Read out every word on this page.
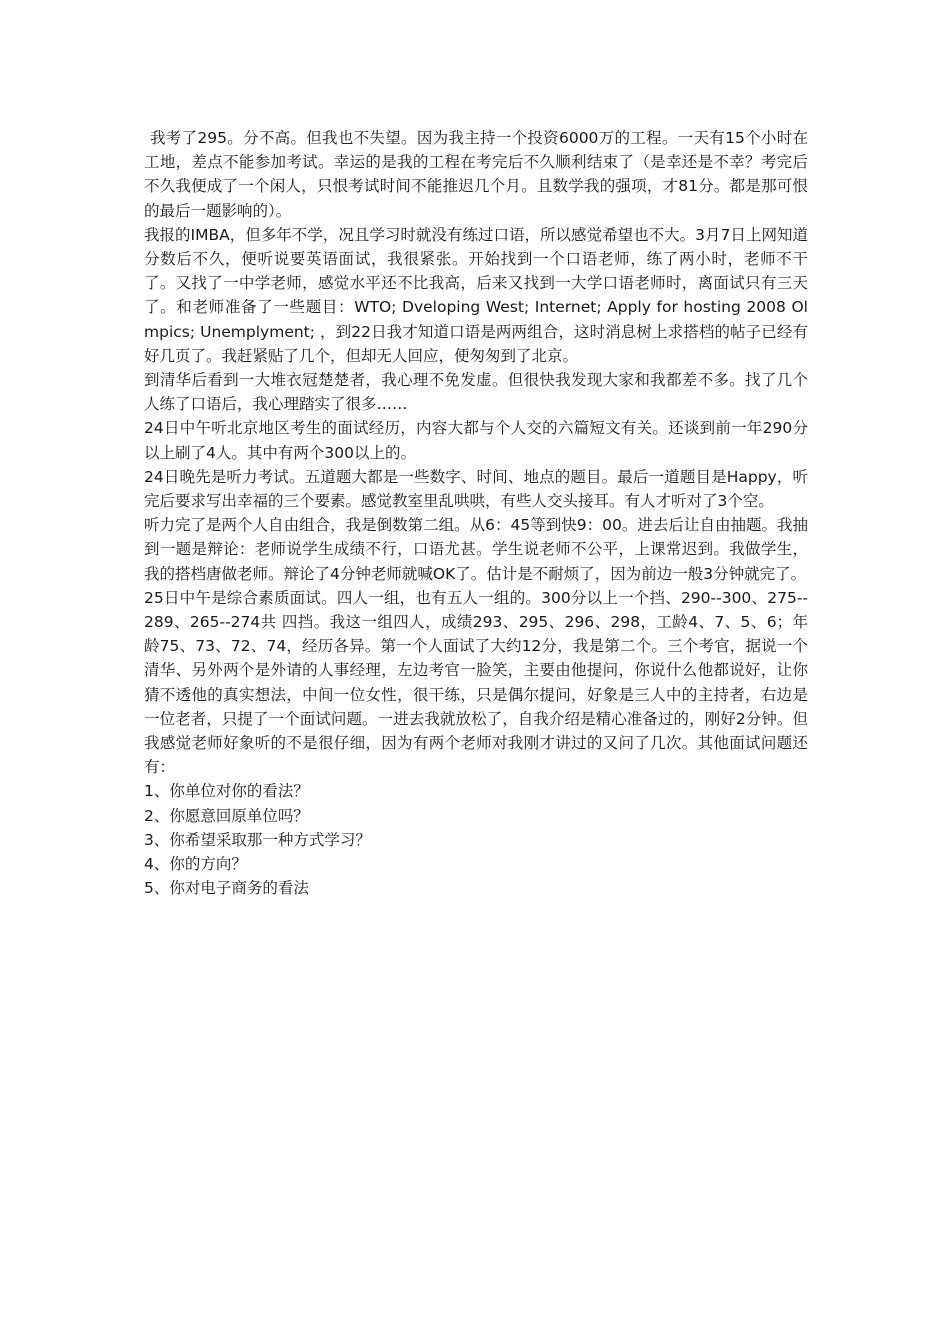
我考了295。分不高。但我也不失望。因为我主持一个投资6000万的工程。一天有15个小时在工地，差点不能参加考试。幸运的是我的工程在考完后不久顺利结束了（是幸还是不幸？考完后不久我便成了一个闲人，只恨考试时间不能推迟几个月。且数学我的强项，才81分。都是那可恨的最后一题影响的）。

我报的IMBA，但多年不学，况且学习时就没有练过口语，所以感觉希望也不大。3月7日上网知道分数后不久，便听说要英语面试，我很紧张。开始找到一个口语老师，练了两小时，老师不干了。又找了一中学老师，感觉水平还不比我高，后来又找到一大学口语老师时，离面试只有三天了。和老师准备了一些题目：WTO; Dveloping West; Internet; Apply for hosting 2008 Olmpics; Unemplyment; ，到22日我才知道口语是两两组合，这时消息树上求搭档的帖子已经有好几页了。我赶紧贴了几个，但却无人回应，便匆匆到了北京。

到清华后看到一大堆衣冠楚楚者，我心理不免发虚。但很快我发现大家和我都差不多。找了几个人练了口语后，我心理踏实了很多……

24日中午听北京地区考生的面试经历，内容大都与个人交的六篇短文有关。还谈到前一年290分以上刷了4人。其中有两个300以上的。

24日晚先是听力考试。五道题大都是一些数字、时间、地点的题目。最后一道题目是Happy，听完后要求写出幸福的三个要素。感觉教室里乱哄哄，有些人交头接耳。有人才听对了3个空。

听力完了是两个人自由组合，我是倒数第二组。从6：45等到快9：00。进去后让自由抽题。我抽到一题是辩论：老师说学生成绩不行，口语尤甚。学生说老师不公平，上课常迟到。我做学生，我的搭档唐做老师。辩论了4分钟老师就喊OK了。估计是不耐烦了，因为前边一般3分钟就完了。

25日中午是综合素质面试。四人一组，也有五人一组的。300分以上一个挡、290--300、275--289、265--274共 四挡。我这一组四人，成绩293、295、296、298，工龄4、7、5、6；年龄75、73、72、74，经历各异。第一个人面试了大约12分，我是第二个。三个考官，据说一个清华、另外两个是外请的人事经理，左边考官一脸笑，主要由他提问，你说什么他都说好，让你猜不透他的真实想法，中间一位女性，很干练，只是偶尔提问，好象是三人中的主持者，右边是一位老者，只提了一个面试问题。一进去我就放松了，自我介绍是精心准备过的，刚好2分钟。但我感觉老师好象听的不是很仔细，因为有两个老师对我刚才讲过的又问了几次。其他面试问题还有：

1、你单位对你的看法？

2、你愿意回原单位吗？

3、你希望采取那一种方式学习？

4、你的方向？

5、你对电子商务的看法
